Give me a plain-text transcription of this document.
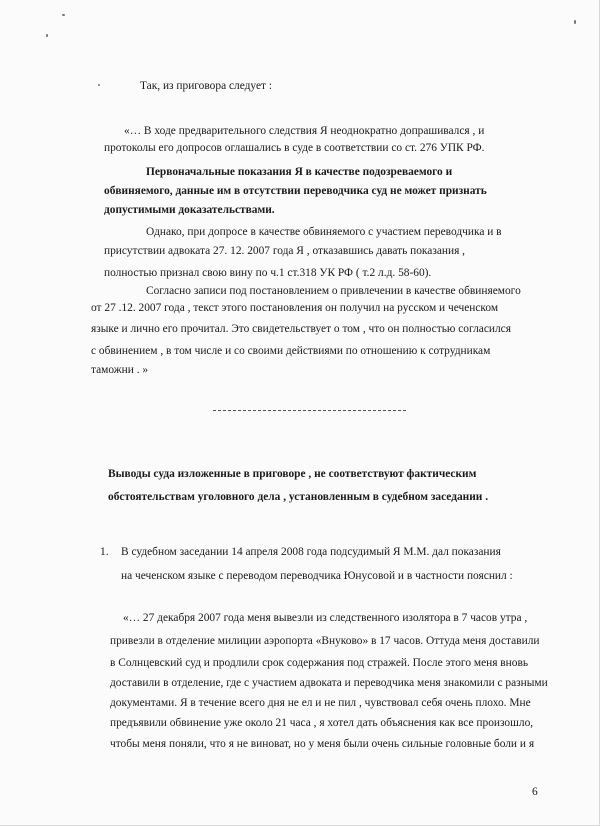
Так, из приговора следует :
«… В ходе предварительного следствия Я неоднократно допрашивался , и
протоколы его допросов оглашались в суде в соответствии со ст. 276 УПК РФ.
Первоначальные показания Я в качестве подозреваемого и
обвиняемого, данные им в отсутствии переводчика суд не может признать
допустимыми доказательствами.
Однако, при допросе в качестве обвиняемого с участием переводчика и в
присутствии адвоката 27. 12. 2007 года Я , отказавшись давать показания ,
полностью признал свою вину по ч.1 ст.318 УК РФ ( т.2 л.д. 58-60).
Согласно записи под постановлением о привлечении в качестве обвиняемого
от 27 .12. 2007 года , текст этого постановления он получил на русском и чеченском
языке и лично его прочитал. Это свидетельствует о том , что он полностью согласился
с обвинением , в том числе и со своими действиями по отношению к сотрудникам
таможни . »
Выводы суда изложенные в приговоре , не соответствуют фактическим
обстоятельствам уголовного дела , установленным в судебном заседании .
1. В судебном заседании 14 апреля 2008 года подсудимый Я М.М. дал показания
на чеченском языке с переводом переводчика Юнусовой и в частности пояснил :
«… 27 декабря 2007 года меня вывезли из следственного изолятора в 7 часов утра ,
привезли в отделение милиции аэропорта «Внуково» в 17 часов. Оттуда меня доставили
в Солнцевский суд и продлили срок содержания под стражей. После этого меня вновь
доставили в отделение, где с участием адвоката и переводчика меня знакомили с разными
документами. Я в течение всего дня не ел и не пил , чувствовал себя очень плохо. Мне
предъявили обвинение уже около 21 часа , я хотел дать объяснения как все произошло,
чтобы меня поняли, что я не виноват, но у меня были очень сильные головные боли и я
6
